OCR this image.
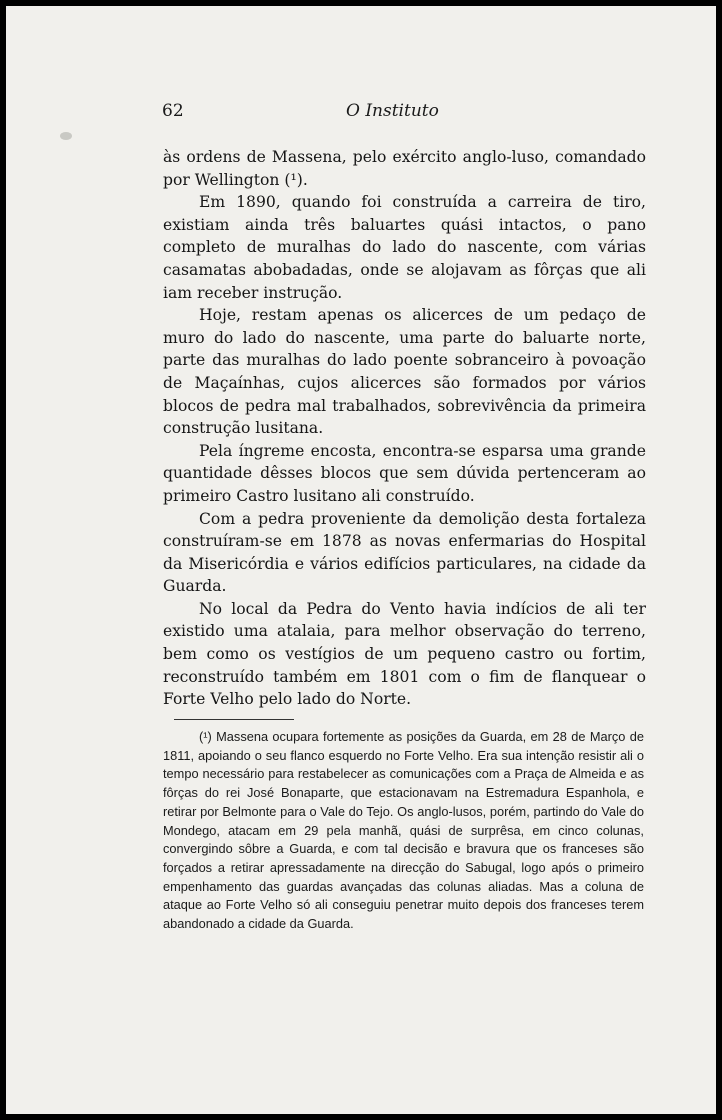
62	O Instituto

às ordens de Massena, pelo exército anglo-luso, comandado por Wellington (¹).

Em 1890, quando foi construída a carreira de tiro, existiam ainda três baluartes quási intactos, o pano completo de muralhas do lado do nascente, com várias casamatas abobadadas, onde se alojavam as fôrças que ali iam receber instrução.

Hoje, restam apenas os alicerces de um pedaço de muro do lado do nascente, uma parte do baluarte norte, parte das muralhas do lado poente sobranceiro à povoação de Maçaínhas, cujos alicerces são formados por vários blocos de pedra mal trabalhados, sobrevivência da primeira construção lusitana.

Pela íngreme encosta, encontra-se esparsa uma grande quantidade dêsses blocos que sem dúvida pertenceram ao primeiro Castro lusitano ali construído.

Com a pedra proveniente da demolição desta fortaleza construíram-se em 1878 as novas enfermarias do Hospital da Misericórdia e vários edifícios particulares, na cidade da Guarda.

No local da Pedra do Vento havia indícios de ali ter existido uma atalaia, para melhor observação do terreno, bem como os vestígios de um pequeno castro ou fortim, reconstruído também em 1801 com o fim de flanquear o Forte Velho pelo lado do Norte.

(¹) Massena ocupara fortemente as posições da Guarda, em 28 de Março de 1811, apoiando o seu flanco esquerdo no Forte Velho. Era sua intenção resistir ali o tempo necessário para restabelecer as comunicações com a Praça de Almeida e as fôrças do rei José Bonaparte, que estacionavam na Estremadura Espanhola, e retirar por Belmonte para o Vale do Tejo. Os anglo-lusos, porém, partindo do Vale do Mondego, atacam em 29 pela manhã, quási de surprêsa, em cinco colunas, convergindo sôbre a Guarda, e com tal decisão e bravura que os franceses são forçados a retirar apressadamente na direcção do Sabugal, logo após o primeiro empenhamento das guardas avançadas das colunas aliadas. Mas a coluna de ataque ao Forte Velho só ali conseguiu penetrar muito depois dos franceses terem abandonado a cidade da Guarda.
